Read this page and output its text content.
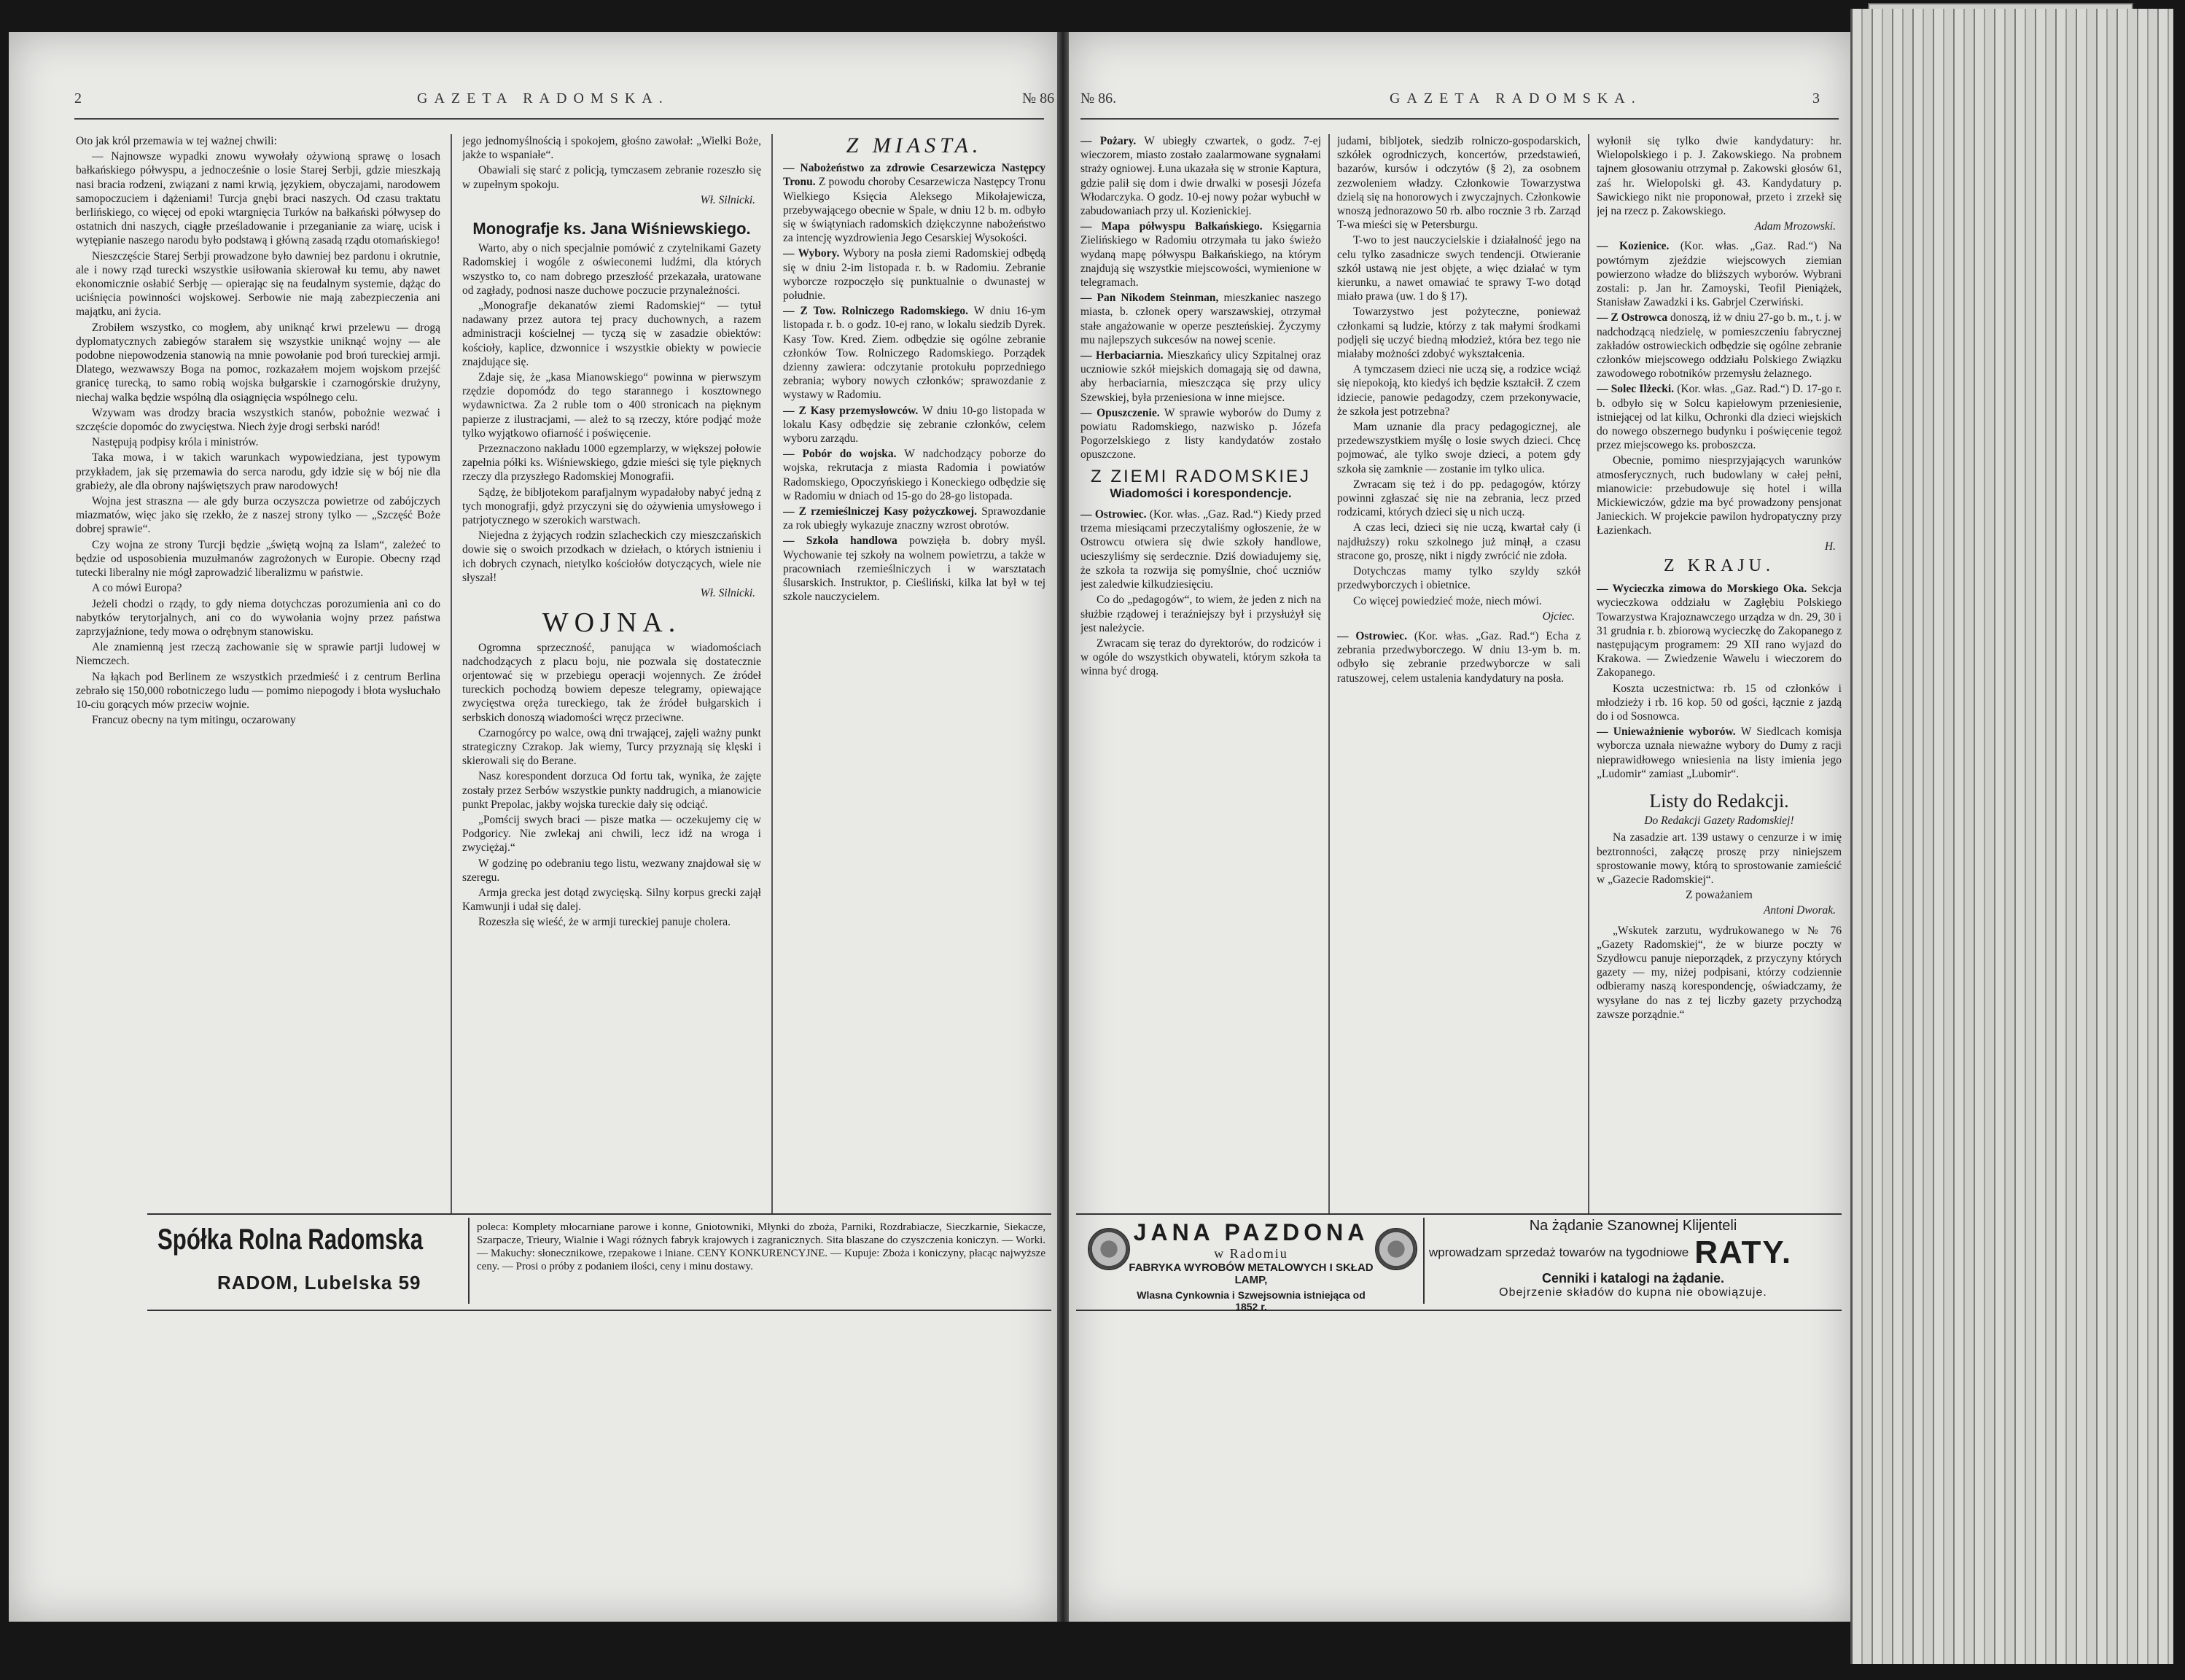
2	GAZETA RADOMSKA.	№ 86

Oto jak król przemawia w tej ważnej chwili:

— Najnowsze wypadki znowu wywołały ożywioną sprawę o losach bałkańskiego półwyspu, a jednocześnie o losie Starej Serbji, gdzie mieszkają nasi bracia rodzeni, związani z nami krwią, językiem, obyczajami, narodowem samopoczuciem i dążeniami! Turcja gnębi braci naszych. Od czasu traktatu berlińskiego, co więcej od epoki wtargnięcia Turków na bałkański półwysep do ostatnich dni naszych, ciągłe prześladowanie i przeganianie za wiarę, ucisk i wytępianie naszego narodu było podstawą i główną zasadą rządu otomańskiego!

Nieszczęście Starej Serbji prowadzone było dawniej bez pardonu i okrutnie, ale i nowy rząd turecki wszystkie usiłowania skierował ku temu, aby nawet ekonomicznie osłabić Serbję — opierając się na feudalnym systemie, dążąc do uciśnięcia powinności wojskowej. Serbowie nie mają zabezpieczenia ani majątku, ani życia.

Zrobiłem wszystko, co mogłem, aby uniknąć krwi przelewu — drogą dyplomatycznych zabiegów starałem się wszystkie uniknąć wojny — ale podobne niepowodzenia stanowią na mnie powołanie pod broń tureckiej armji. Dlatego, wezwawszy Boga na pomoc, rozkazałem mojem wojskom przejść granicę turecką, to samo robią wojska bułgarskie i czarnogórskie drużyny, niechaj walka będzie wspólną dla osiągnięcia wspólnego celu.

Wzywam was drodzy bracia wszystkich stanów, pobożnie wezwać i szczęście dopomóc do zwycięstwa. Niech żyje drogi serbski naród!

Następują podpisy króla i ministrów.

Taka mowa, i w takich warunkach wypowiedziana, jest typowym przykładem, jak się przemawia do serca narodu, gdy idzie się w bój nie dla grabieży, ale dla obrony najświętszych praw narodowych!

Wojna jest straszna — ale gdy burza oczyszcza powietrze od zabójczych miazmatów, więc jako się rzekło, że z naszej strony tylko — „Szczęść Boże dobrej sprawie“.

Czy wojna ze strony Turcji będzie „świętą wojną za Islam“, zależeć to będzie od usposobienia muzułmanów zagrożonych w Europie. Obecny rząd tutecki liberalny nie mógł zaprowadzić liberalizmu w państwie.

A co mówi Europa?

Jeżeli chodzi o rządy, to gdy niema dotychczas porozumienia ani co do nabytków terytorjalnych, ani co do wywołania wojny przez państwa zaprzyjaźnione, tedy mowa o odrębnym stanowisku.

Ale znamienną jest rzeczą zachowanie się w sprawie partji ludowej w Niemczech.

Na łąkach pod Berlinem ze wszystkich przedmieść i z centrum Berlina zebrało się 150,000 robotniczego ludu — pomimo niepogody i błota wysłuchało 10-ciu gorących mów przeciw wojnie.

Francuz obecny na tym mitingu, oczarowany

jego jednomyślnością i spokojem, głośno zawołał: „Wielki Boże, jakże to wspaniałe“.

Obawiali się starć z policją, tymczasem zebranie rozeszło się w zupełnym spokoju.

Wł. Silnicki.
Monografje ks. Jana Wiśniewskiego.

Warto, aby o nich specjalnie pomówić z czytelnikami Gazety Radomskiej i wogóle z oświeconemi ludźmi, dla których wszystko to, co nam dobrego przeszłość przekazała, uratowane od zagłady, podnosi nasze duchowe poczucie przynależności.

„Monografje dekanatów ziemi Radomskiej“ — tytuł nadawany przez autora tej pracy duchownych, a razem administracji kościelnej — tyczą się w zasadzie obiektów: kościoły, kaplice, dzwonnice i wszystkie obiekty w powiecie znajdujące się.

Zdaje się, że „kasa Mianowskiego“ powinna w pierwszym rzędzie dopomódz do tego starannego i kosztownego wydawnictwa. Za 2 ruble tom o 400 stronicach na pięknym papierze z ilustracjami, — ależ to są rzeczy, które podjąć może tylko wyjątkowo ofiarność i poświęcenie.

Przeznaczono nakładu 1000 egzemplarzy, w większej połowie zapełnia półki ks. Wiśniewskiego, gdzie mieści się tyle pięknych rzeczy dla przyszłego Radomskiej Monografii.

Sądzę, że bibljotekom parafjalnym wypadałoby nabyć jedną z tych monografji, gdyż przyczyni się do ożywienia umysłowego i patrjotycznego w szerokich warstwach.

Niejedna z żyjących rodzin szlacheckich czy mieszczańskich dowie się o swoich przodkach w dziełach, o których istnieniu i ich dobrych czynach, nietylko kościołów dotyczących, wiele nie słyszał!

Wł. Silnicki.
WOJNA.

Ogromna sprzeczność, panująca w wiadomościach nadchodzących z placu boju, nie pozwala się dostatecznie orjentować się w przebiegu operacji wojennych. Ze źródeł tureckich pochodzą bowiem depesze telegramy, opiewające zwycięstwa oręża tureckiego, tak że źródeł bułgarskich i serbskich donoszą wiadomości wręcz przeciwne.

Czarnogórcy po walce, ową dni trwającej, zajęli ważny punkt strategiczny Czrakop. Jak wiemy, Turcy przyznają się klęski i skierowali się do Berane.

Nasz korespondent dorzuca Od fortu tak, wynika, że zajęte zostały przez Serbów wszystkie punkty naddrugich, a mianowicie punkt Prepolac, jakby wojska tureckie dały się odciąć.

„Pomścij swych braci — pisze matka — oczekujemy cię w Podgoricy. Nie zwlekaj ani chwili, lecz idź na wroga i zwyciężaj.“

W godzinę po odebraniu tego listu, wezwany znajdował się w szeregu.

Armja grecka jest dotąd zwycięską. Silny korpus grecki zajął Kamwunji i udał się dalej.

Rozeszła się wieść, że w armji tureckiej panuje cholera.

Z MIASTA.

— Nabożeństwo za zdrowie Cesarzewicza Następcy Tronu. Z powodu choroby Cesarzewicza Następcy Tronu Wielkiego Księcia Aleksego Mikołajewicza, przebywającego obecnie w Spale, w dniu 12 b. m. odbyło się w świątyniach radomskich dziękczynne nabożeństwo za intencję wyzdrowienia Jego Cesarskiej Wysokości.

— Wybory. Wybory na posła ziemi Radomskiej odbędą się w dniu 2-im listopada r. b. w Radomiu. Zebranie wyborcze rozpoczęło się punktualnie o dwunastej w południe.

— Z Tow. Rolniczego Radomskiego. W dniu 16-ym listopada r. b. o godz. 10-ej rano, w lokalu siedzib Dyrek. Kasy Tow. Kred. Ziem. odbędzie się ogólne zebranie członków Tow. Rolniczego Radomskiego. Porządek dzienny zawiera: odczytanie protokułu poprzedniego zebrania; wybory nowych członków; sprawozdanie z wystawy w Radomiu.

— Z Kasy przemysłowców. W dniu 10-go listopada w lokalu Kasy odbędzie się zebranie członków, celem wyboru zarządu.

— Pobór do wojska. W nadchodzący poborze do wojska, rekrutacja z miasta Radomia i powiatów Radomskiego, Opoczyńskiego i Koneckiego odbędzie się w Radomiu w dniach od 15-go do 28-go listopada.

— Z rzemieślniczej Kasy pożyczkowej. Sprawozdanie za rok ubiegły wykazuje znaczny wzrost obrotów.

— Szkoła handlowa powzięła b. dobry myśl. Wychowanie tej szkoły na wolnem powietrzu, a także w pracowniach rzemieślniczych i w warsztatach ślusarskich. Instruktor, p. Cieśliński, kilka lat był w tej szkole nauczycielem.

Spółka Rolna Radomska
RADOM, Lubelska 59
poleca: Komplety młocarniane parowe i konne, Gniotowniki, Młynki do zboża, Parniki, Rozdrabiacze, Sieczkarnie, Siekacze, Szarpacze, Trieury, Wialnie i Wagi różnych fabryk krajowych i zagranicznych. Sita blaszane do czyszczenia koniczyn. — Worki. — Makuchy: słonecznikowe, rzepakowe i lniane. CENY KONKURENCYJNE. — Kupuje: Zboża i koniczyny, płacąc najwyższe ceny. — Prosi o próby z podaniem ilości, ceny i minu dostawy.
№ 86.	GAZETA RADOMSKA.	3

— Pożary. W ubiegły czwartek, o godz. 7-ej wieczorem, miasto zostało zaalarmowane sygnałami straży ogniowej. Łuna ukazała się w stronie Kaptura, gdzie palił się dom i dwie drwalki w posesji Józefa Włodarczyka. O godz. 10-ej nowy pożar wybuchł w zabudowaniach przy ul. Kozienickiej.

— Mapa półwyspu Bałkańskiego. Księgarnia Zielińskiego w Radomiu otrzymała tu jako świeżo wydaną mapę półwyspu Bałkańskiego, na którym znajdują się wszystkie miejscowości, wymienione w telegramach.

— Pan Nikodem Steinman, mieszkaniec naszego miasta, b. członek opery warszawskiej, otrzymał stałe angażowanie w operze peszteńskiej. Życzymy mu najlepszych sukcesów na nowej scenie.

— Herbaciarnia. Mieszkańcy ulicy Szpitalnej oraz uczniowie szkół miejskich domagają się od dawna, aby herbaciarnia, mieszcząca się przy ulicy Szewskiej, była przeniesiona w inne miejsce.

— Opuszczenie. W sprawie wyborów do Dumy z powiatu Radomskiego, nazwisko p. Józefa Pogorzelskiego z listy kandydatów zostało opuszczone.

Z ZIEMI RADOMSKIEJ
Wiadomości i korespondencje.

— Ostrowiec. (Kor. włas. „Gaz. Rad.“) Kiedy przed trzema miesiącami przeczytaliśmy ogłoszenie, że w Ostrowcu otwiera się dwie szkoły handlowe, ucieszyliśmy się serdecznie. Dziś dowiadujemy się, że szkoła ta rozwija się pomyślnie, choć uczniów jest zaledwie kilkudziesięciu.

Co do „pedagogów“, to wiem, że jeden z nich na służbie rządowej i teraźniejszy był i przysłużył się jest należycie.

Zwracam się teraz do dyrektorów, do rodziców i w ogóle do wszystkich obywateli, którym szkoła ta winna być drogą.

judami, bibljotek, siedzib rolniczo-gospodarskich, szkółek ogrodniczych, koncertów, przedstawień, bazarów, kursów i odczytów (§ 2), za osobnem zezwoleniem władzy. Członkowie Towarzystwa dzielą się na honorowych i zwyczajnych. Członkowie wnoszą jednorazowo 50 rb. albo rocznie 3 rb. Zarząd T-wa mieści się w Petersburgu.

T-wo to jest nauczycielskie i działalność jego na celu tylko zasadnicze swych tendencji. Otwieranie szkół ustawą nie jest objęte, a więc działać w tym kierunku, a nawet omawiać te sprawy T-wo dotąd miało prawa (uw. 1 do § 17).

Towarzystwo jest pożyteczne, ponieważ członkami są ludzie, którzy z tak małymi środkami podjęli się uczyć biedną młodzież, która bez tego nie miałaby możności zdobyć wykształcenia.

A tymczasem dzieci nie uczą się, a rodzice wciąż się niepokoją, kto kiedyś ich będzie kształcił. Z czem idziecie, panowie pedagodzy, czem przekonywacie, że szkoła jest potrzebna?

Mam uznanie dla pracy pedagogicznej, ale przedewszystkiem myślę o losie swych dzieci. Chcę pojmować, ale tylko swoje dzieci, a potem gdy szkoła się zamknie — zostanie im tylko ulica.

Zwracam się też i do pp. pedagogów, którzy powinni zgłaszać się nie na zebrania, lecz przed rodzicami, których dzieci się u nich uczą.

A czas leci, dzieci się nie uczą, kwartał cały (i najdłuższy) roku szkolnego już minął, a czasu stracone go, proszę, nikt i nigdy zwrócić nie zdoła.

Dotychczas mamy tylko szyldy szkół przedwyborczych i obietnice.

Co więcej powiedzieć może, niech mówi.

Ojciec.

— Ostrowiec. (Kor. włas. „Gaz. Rad.“) Echa z zebrania przedwyborczego. W dniu 13-ym b. m. odbyło się zebranie przedwyborcze w sali ratuszowej, celem ustalenia kandydatury na posła.

wyłonił się tylko dwie kandydatury: hr. Wielopolskiego i p. J. Zakowskiego. Na probnem tajnem głosowaniu otrzymał p. Zakowski głosów 61, zaś hr. Wielopolski gł. 43. Kandydatury p. Sawickiego nikt nie proponował, przeto i zrzekł się jej na rzecz p. Zakowskiego.

Adam Mrozowski.

— Kozienice. (Kor. włas. „Gaz. Rad.“) Na powtórnym zjeździe wiejscowych ziemian powierzono władze do bliższych wyborów. Wybrani zostali: p. Jan hr. Zamoyski, Teofil Pieniążek, Stanisław Zawadzki i ks. Gabrjel Czerwiński.

— Z Ostrowca donoszą, iż w dniu 27-go b. m., t. j. w nadchodzącą niedzielę, w pomieszczeniu fabrycznej zakładów ostrowieckich odbędzie się ogólne zebranie członków miejscowego oddziału Polskiego Związku zawodowego robotników przemysłu żelaznego.

— Solec Ilżecki. (Kor. włas. „Gaz. Rad.“) D. 17-go r. b. odbyło się w Solcu kapiełowym przeniesienie, istniejącej od lat kilku, Ochronki dla dzieci wiejskich do nowego obszernego budynku i poświęcenie tegoż przez miejscowego ks. proboszcza.

Obecnie, pomimo niesprzyjających warunków atmosferycznych, ruch budowlany w całej pełni, mianowicie: przebudowuje się hotel i willa Mickiewiczów, gdzie ma być prowadzony pensjonat Janieckich. W projekcie pawilon hydropatyczny przy Łazienkach.

H.
Z KRAJU.

— Wycieczka zimowa do Morskiego Oka. Sekcja wycieczkowa oddziału w Zagłębiu Polskiego Towarzystwa Krajoznawczego urządza w dn. 29, 30 i 31 grudnia r. b. zbiorową wycieczkę do Zakopanego z następującym programem: 29 XII rano wyjazd do Krakowa. — Zwiedzenie Wawelu i wieczorem do Zakopanego.

Koszta uczestnictwa: rb. 15 od członków i młodzieży i rb. 16 kop. 50 od gości, łącznie z jazdą do i od Sosnowca.

— Unieważnienie wyborów. W Siedlcach komisja wyborcza uznała nieważne wybory do Dumy z racji nieprawidłowego wniesienia na listy imienia jego „Ludomir“ zamiast „Lubomir“.

Listy do Redakcji.
Do Redakcji Gazety Radomskiej!

Na zasadzie art. 139 ustawy o cenzurze i w imię beztronności, załączę proszę przy niniejszem sprostowanie mowy, którą to sprostowanie zamieścić w „Gazecie Radomskiej“.

Z poważaniem
Antoni Dworak.

„Wskutek zarzutu, wydrukowanego w № 76 „Gazety Radomskiej“, że w biurze poczty w Szydłowcu panuje nieporządek, z przyczyny których gazety — my, niżej podpisani, którzy codziennie odbieramy naszą korespondencję, oświadczamy, że wysyłane do nas z tej liczby gazety przychodzą zawsze porządnie.“

JANA PAZDONA
w Radomiu
FABRYKA WYROBÓW METALOWYCH I SKŁAD LAMP,
Wlasna Cynkownia i Szwejsownia istniejąca od 1852 r.
Na żądanie Szanownej Klijenteli
wprowadzam sprzedaż towarów na tygodniowe RATY.
Cenniki i katalogi na żądanie.
Obejrzenie składów do kupna nie obowiązuje.
